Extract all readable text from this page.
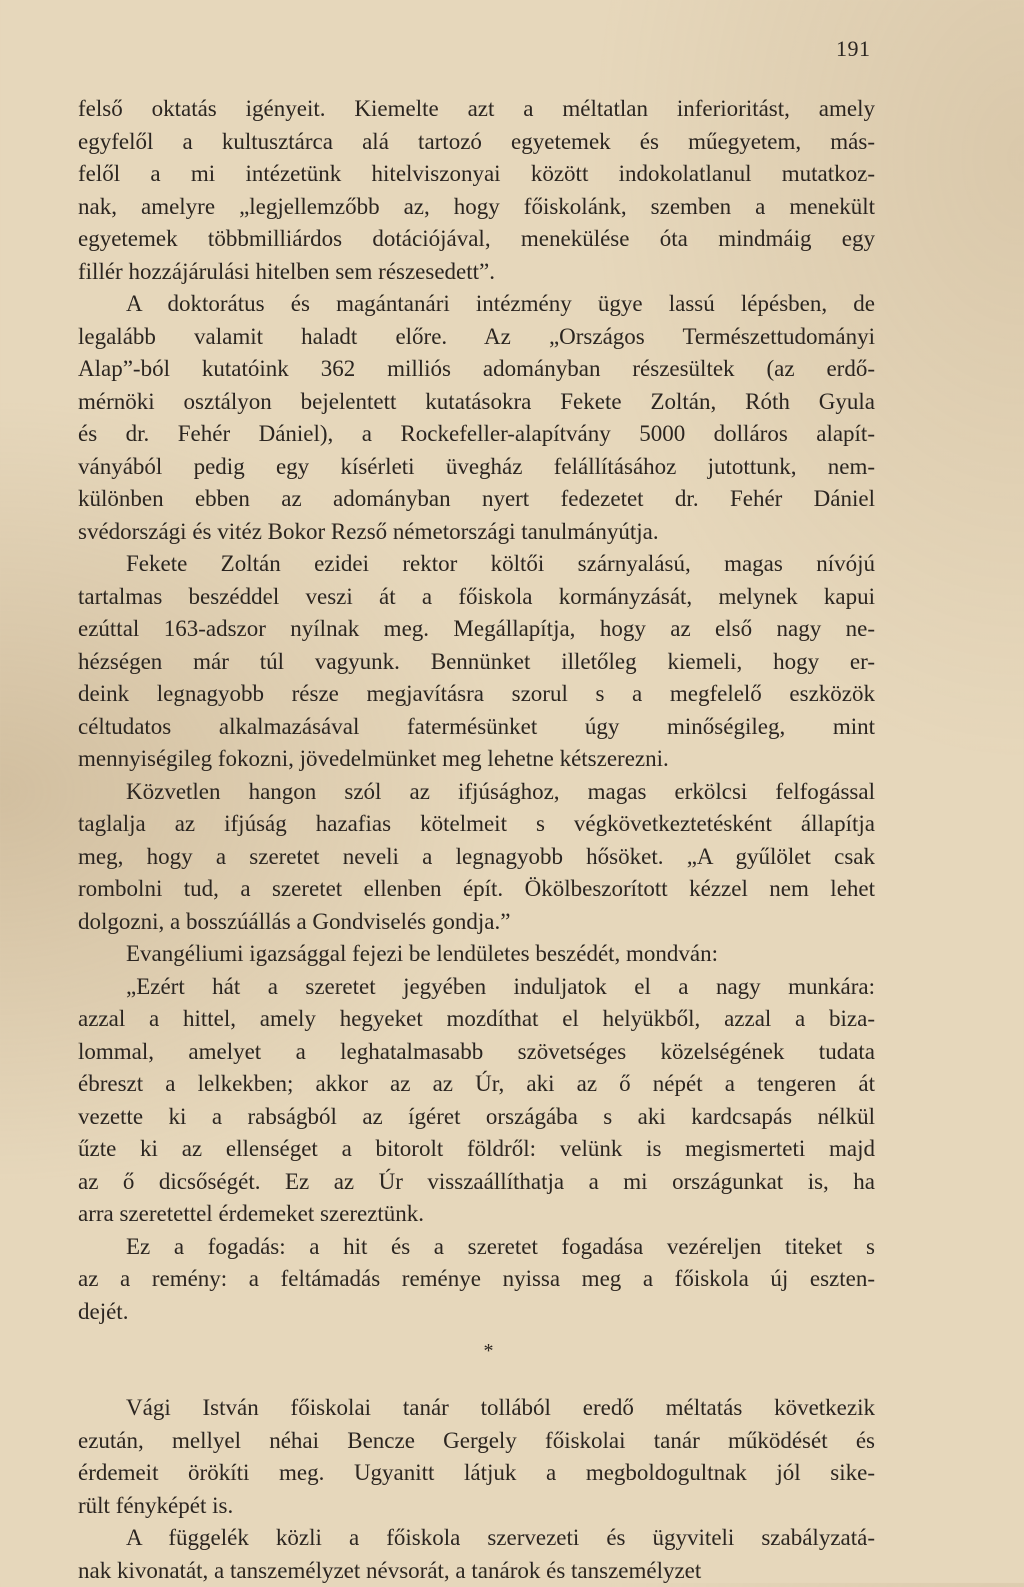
191
felső oktatás igényeit. Kiemelte azt a méltatlan inferioritást, amely
egyfelől a kultusztárca alá tartozó egyetemek és műegyetem, más-
felől a mi intézetünk hitelviszonyai között indokolatlanul mutatkoz-
nak, amelyre „legjellemzőbb az, hogy főiskolánk, szemben a menekült
egyetemek többmilliárdos dotációjával, menekülése óta mindmáig egy
fillér hozzájárulási hitelben sem részesedett”.
A doktorátus és magántanári intézmény ügye lassú lépésben, de
legalább valamit haladt előre. Az „Országos Természettudományi
Alap”-ból kutatóink 362 milliós adományban részesültek (az erdő-
mérnöki osztályon bejelentett kutatásokra Fekete Zoltán, Róth Gyula
és dr. Fehér Dániel), a Rockefeller-alapítvány 5000 dolláros alapít-
ványából pedig egy kísérleti üvegház felállításához jutottunk, nem-
különben ebben az adományban nyert fedezetet dr. Fehér Dániel
svédországi és vitéz Bokor Rezső németországi tanulmányútja.
Fekete Zoltán ezidei rektor költői szárnyalású, magas nívójú
tartalmas beszéddel veszi át a főiskola kormányzását, melynek kapui
ezúttal 163-adszor nyílnak meg. Megállapítja, hogy az első nagy ne-
hézségen már túl vagyunk. Bennünket illetőleg kiemeli, hogy er-
deink legnagyobb része megjavításra szorul s a megfelelő eszközök
céltudatos alkalmazásával fatermésünket úgy minőségileg, mint
mennyiségileg fokozni, jövedelmünket meg lehetne kétszerezni.
Közvetlen hangon szól az ifjúsághoz, magas erkölcsi felfogással
taglalja az ifjúság hazafias kötelmeit s végkövetkeztetésként állapítja
meg, hogy a szeretet neveli a legnagyobb hősöket. „A gyűlölet csak
rombolni tud, a szeretet ellenben épít. Ökölbeszorított kézzel nem lehet
dolgozni, a bosszúállás a Gondviselés gondja.”
Evangéliumi igazsággal fejezi be lendületes beszédét, mondván:
„Ezért hát a szeretet jegyében induljatok el a nagy munkára:
azzal a hittel, amely hegyeket mozdíthat el helyükből, azzal a biza-
lommal, amelyet a leghatalmasabb szövetséges közelségének tudata
ébreszt a lelkekben; akkor az az Úr, aki az ő népét a tengeren át
vezette ki a rabságból az ígéret országába s aki kardcsapás nélkül
űzte ki az ellenséget a bitorolt földről: velünk is megismerteti majd
az ő dicsőségét. Ez az Úr visszaállíthatja a mi országunkat is, ha
arra szeretettel érdemeket szereztünk.
Ez a fogadás: a hit és a szeretet fogadása vezéreljen titeket s
az a remény: a feltámadás reménye nyissa meg a főiskola új eszten-
dejét.
*
Vági István főiskolai tanár tollából eredő méltatás következik
ezután, mellyel néhai Bencze Gergely főiskolai tanár működését és
érdemeit örökíti meg. Ugyanitt látjuk a megboldogultnak jól sike-
rült fényképét is.
A függelék közli a főiskola szervezeti és ügyviteli szabályzatá-
nak kivonatát, a tanszemélyzet névsorát, a tanárok és tanszemélyzet
